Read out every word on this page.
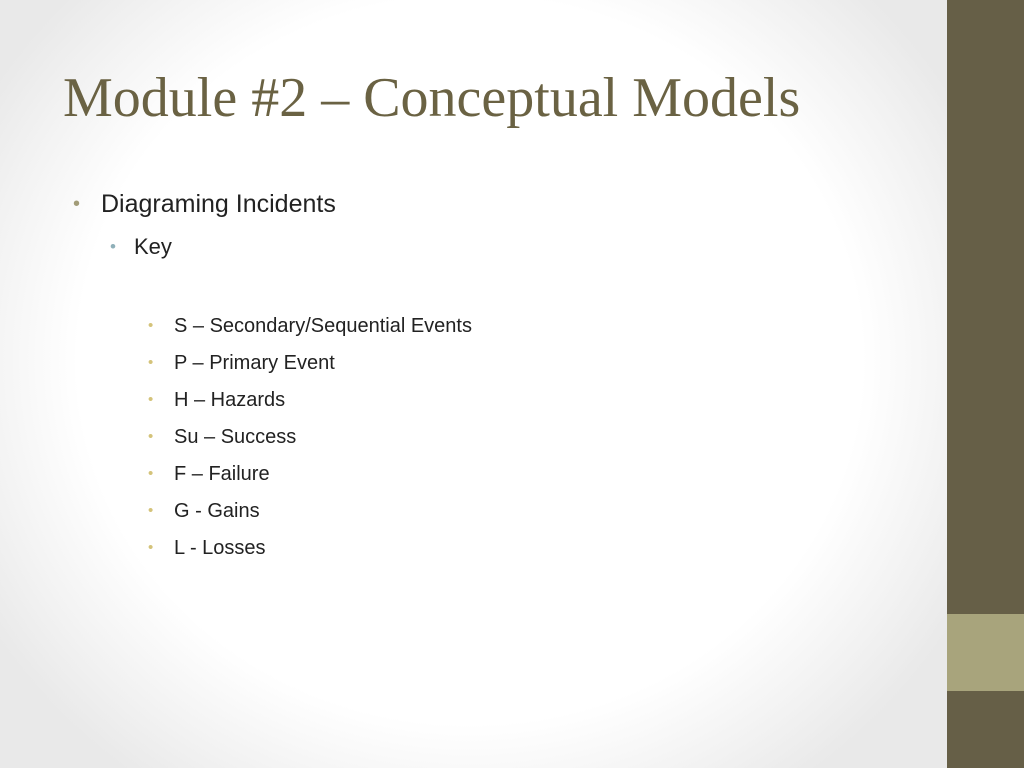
Module #2 – Conceptual Models
• Diagraming Incidents
• Key
• S – Secondary/Sequential Events
• P – Primary Event
• H – Hazards
• Su – Success
• F – Failure
• G - Gains
• L - Losses
